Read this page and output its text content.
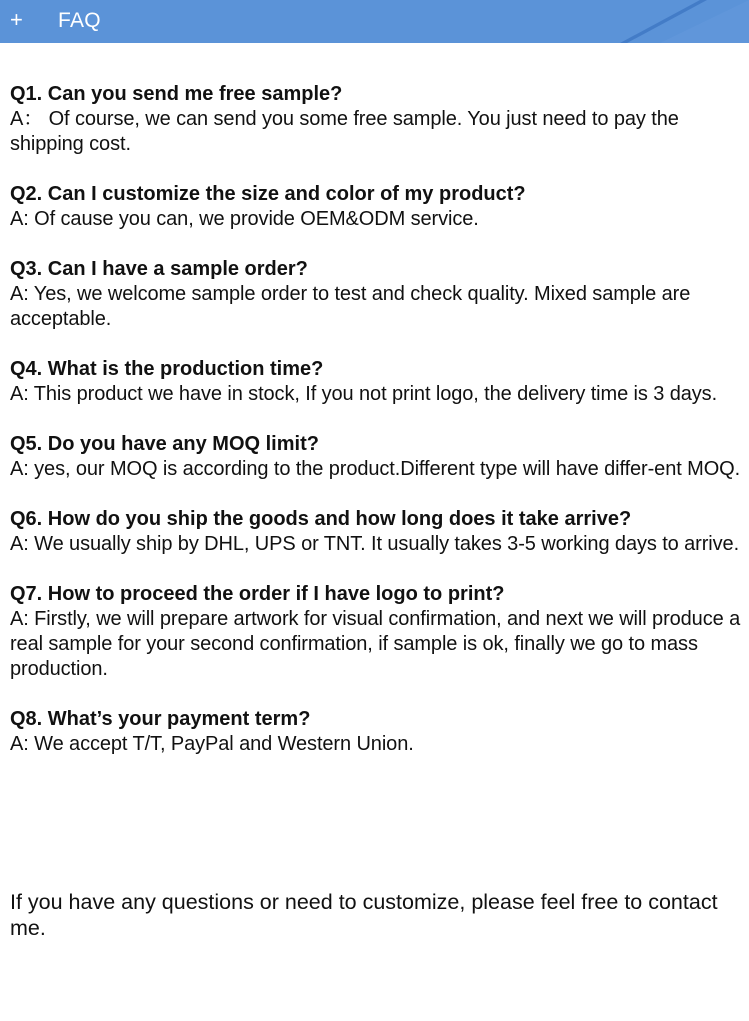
+ FAQ
Q1. Can you send me free sample?
A： Of course, we can send you some free sample. You just need to pay the shipping cost.
Q2. Can I customize the size and color of my product?
A: Of cause you can, we provide OEM&ODM service.
Q3. Can I have a sample order?
A: Yes, we welcome sample order to test and check quality. Mixed sample are acceptable.
Q4. What is the production time?
A: This product we have in stock, If you not print logo, the delivery time is 3 days.
Q5. Do you have any MOQ limit?
A: yes, our MOQ is according to the product.Different type will have differ-ent MOQ.
Q6. How do you ship the goods and how long does it take arrive?
A: We usually ship by DHL, UPS or TNT. It usually takes 3-5 working days to arrive.
Q7. How to proceed the order if I have logo to print?
A: Firstly, we will prepare artwork for visual confirmation, and next we will produce a real sample for your second confirmation, if sample is ok, finally we go to mass production.
Q8. What’s your payment term?
A: We accept T/T, PayPal and Western Union.
If you have any questions or need to customize, please feel free to contact me.
